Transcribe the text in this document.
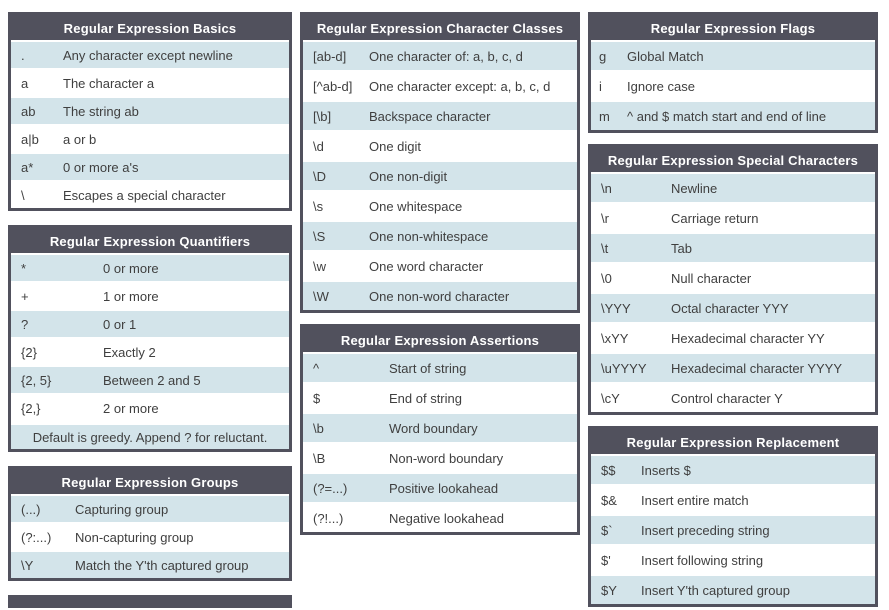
Regular Expression Basics
.	Any character except newline
a	The character a
ab	The string ab
a|b	a or b
a*	0 or more a's
\	Escapes a special character
Regular Expression Quantifiers
*	0 or more
+	1 or more
?	0 or 1
{2}	Exactly 2
{2, 5}	Between 2 and 5
{2,}	2 or more
Default is greedy. Append ? for reluctant.
Regular Expression Groups
(...)	Capturing group
(?:...)	Non-capturing group
\Y	Match the Y'th captured group
Regular Expression Character Classes
[ab-d]	One character of: a, b, c, d
[^ab-d]	One character except: a, b, c, d
[\b]	Backspace character
\d	One digit
\D	One non-digit
\s	One whitespace
\S	One non-whitespace
\w	One word character
\W	One non-word character
Regular Expression Assertions
^	Start of string
$	End of string
\b	Word boundary
\B	Non-word boundary
(?=...)	Positive lookahead
(?!...)	Negative lookahead
Regular Expression Flags
g	Global Match
i	Ignore case
m	^ and $ match start and end of line
Regular Expression Special Characters
\n	Newline
\r	Carriage return
\t	Tab
\0	Null character
\YYY	Octal character YYY
\xYY	Hexadecimal character YY
\uYYYY	Hexadecimal character YYYY
\cY	Control character Y
Regular Expression Replacement
$$	Inserts $
$&	Insert entire match
$`	Insert preceding string
$'	Insert following string
$Y	Insert Y'th captured group
